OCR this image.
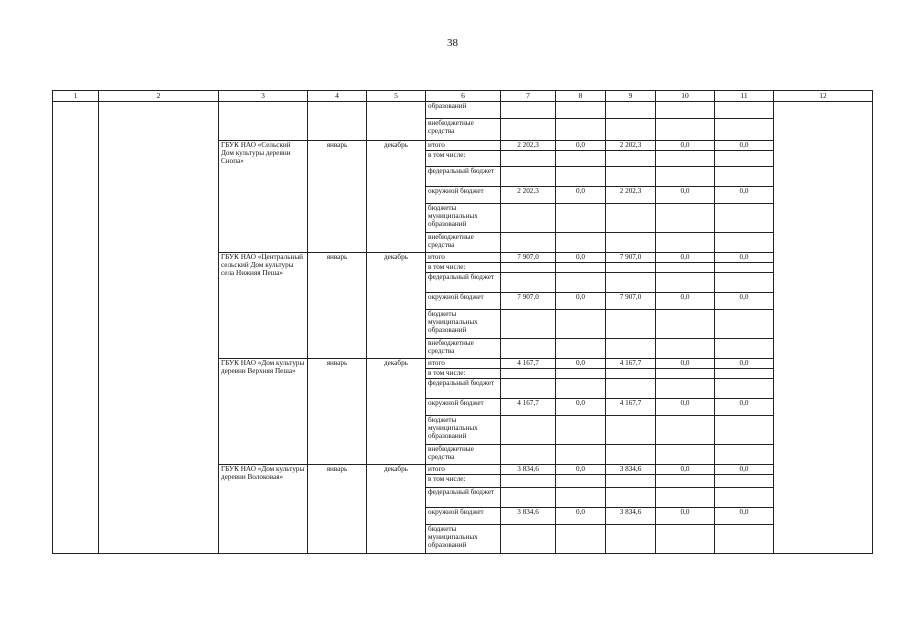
38
1	2	3	4	5	6	7	8	9	10	11	12
					образований						
					внебюджетные средства						
		ГБУК НАО «Сельский Дом культуры деревни Снопа»	январь	декабрь	итого	2 202,3	0,0	2 202,3	0,0	0,0	
					в том числе:						
					федеральный бюджет						
					окружной бюджет	2 202,3	0,0	2 202,3	0,0	0,0	
					бюджеты муниципальных образований						
					внебюджетные средства						
		ГБУК НАО «Центральный сельский Дом культуры села Нижняя Пеша»	январь	декабрь	итого	7 907,0	0,0	7 907,0	0,0	0,0	
					в том числе:						
					федеральный бюджет						
					окружной бюджет	7 907,0	0,0	7 907,0	0,0	0,0	
					бюджеты муниципальных образований						
					внебюджетные средства						
		ГБУК НАО «Дом культуры деревни Верхняя Пеша»	январь	декабрь	итого	4 167,7	0,0	4 167,7	0,0	0,0	
					в том числе:						
					федеральный бюджет						
					окружной бюджет	4 167,7	0,0	4 167,7	0,0	0,0	
					бюджеты муниципальных образований						
					внебюджетные средства						
		ГБУК НАО «Дом культуры деревни Волоковая»	январь	декабрь	итого	3 834,6	0,0	3 834,6	0,0	0,0	
					в том числе:						
					федеральный бюджет						
					окружной бюджет	3 834,6	0,0	3 834,6	0,0	0,0	
					бюджеты муниципальных образований						
